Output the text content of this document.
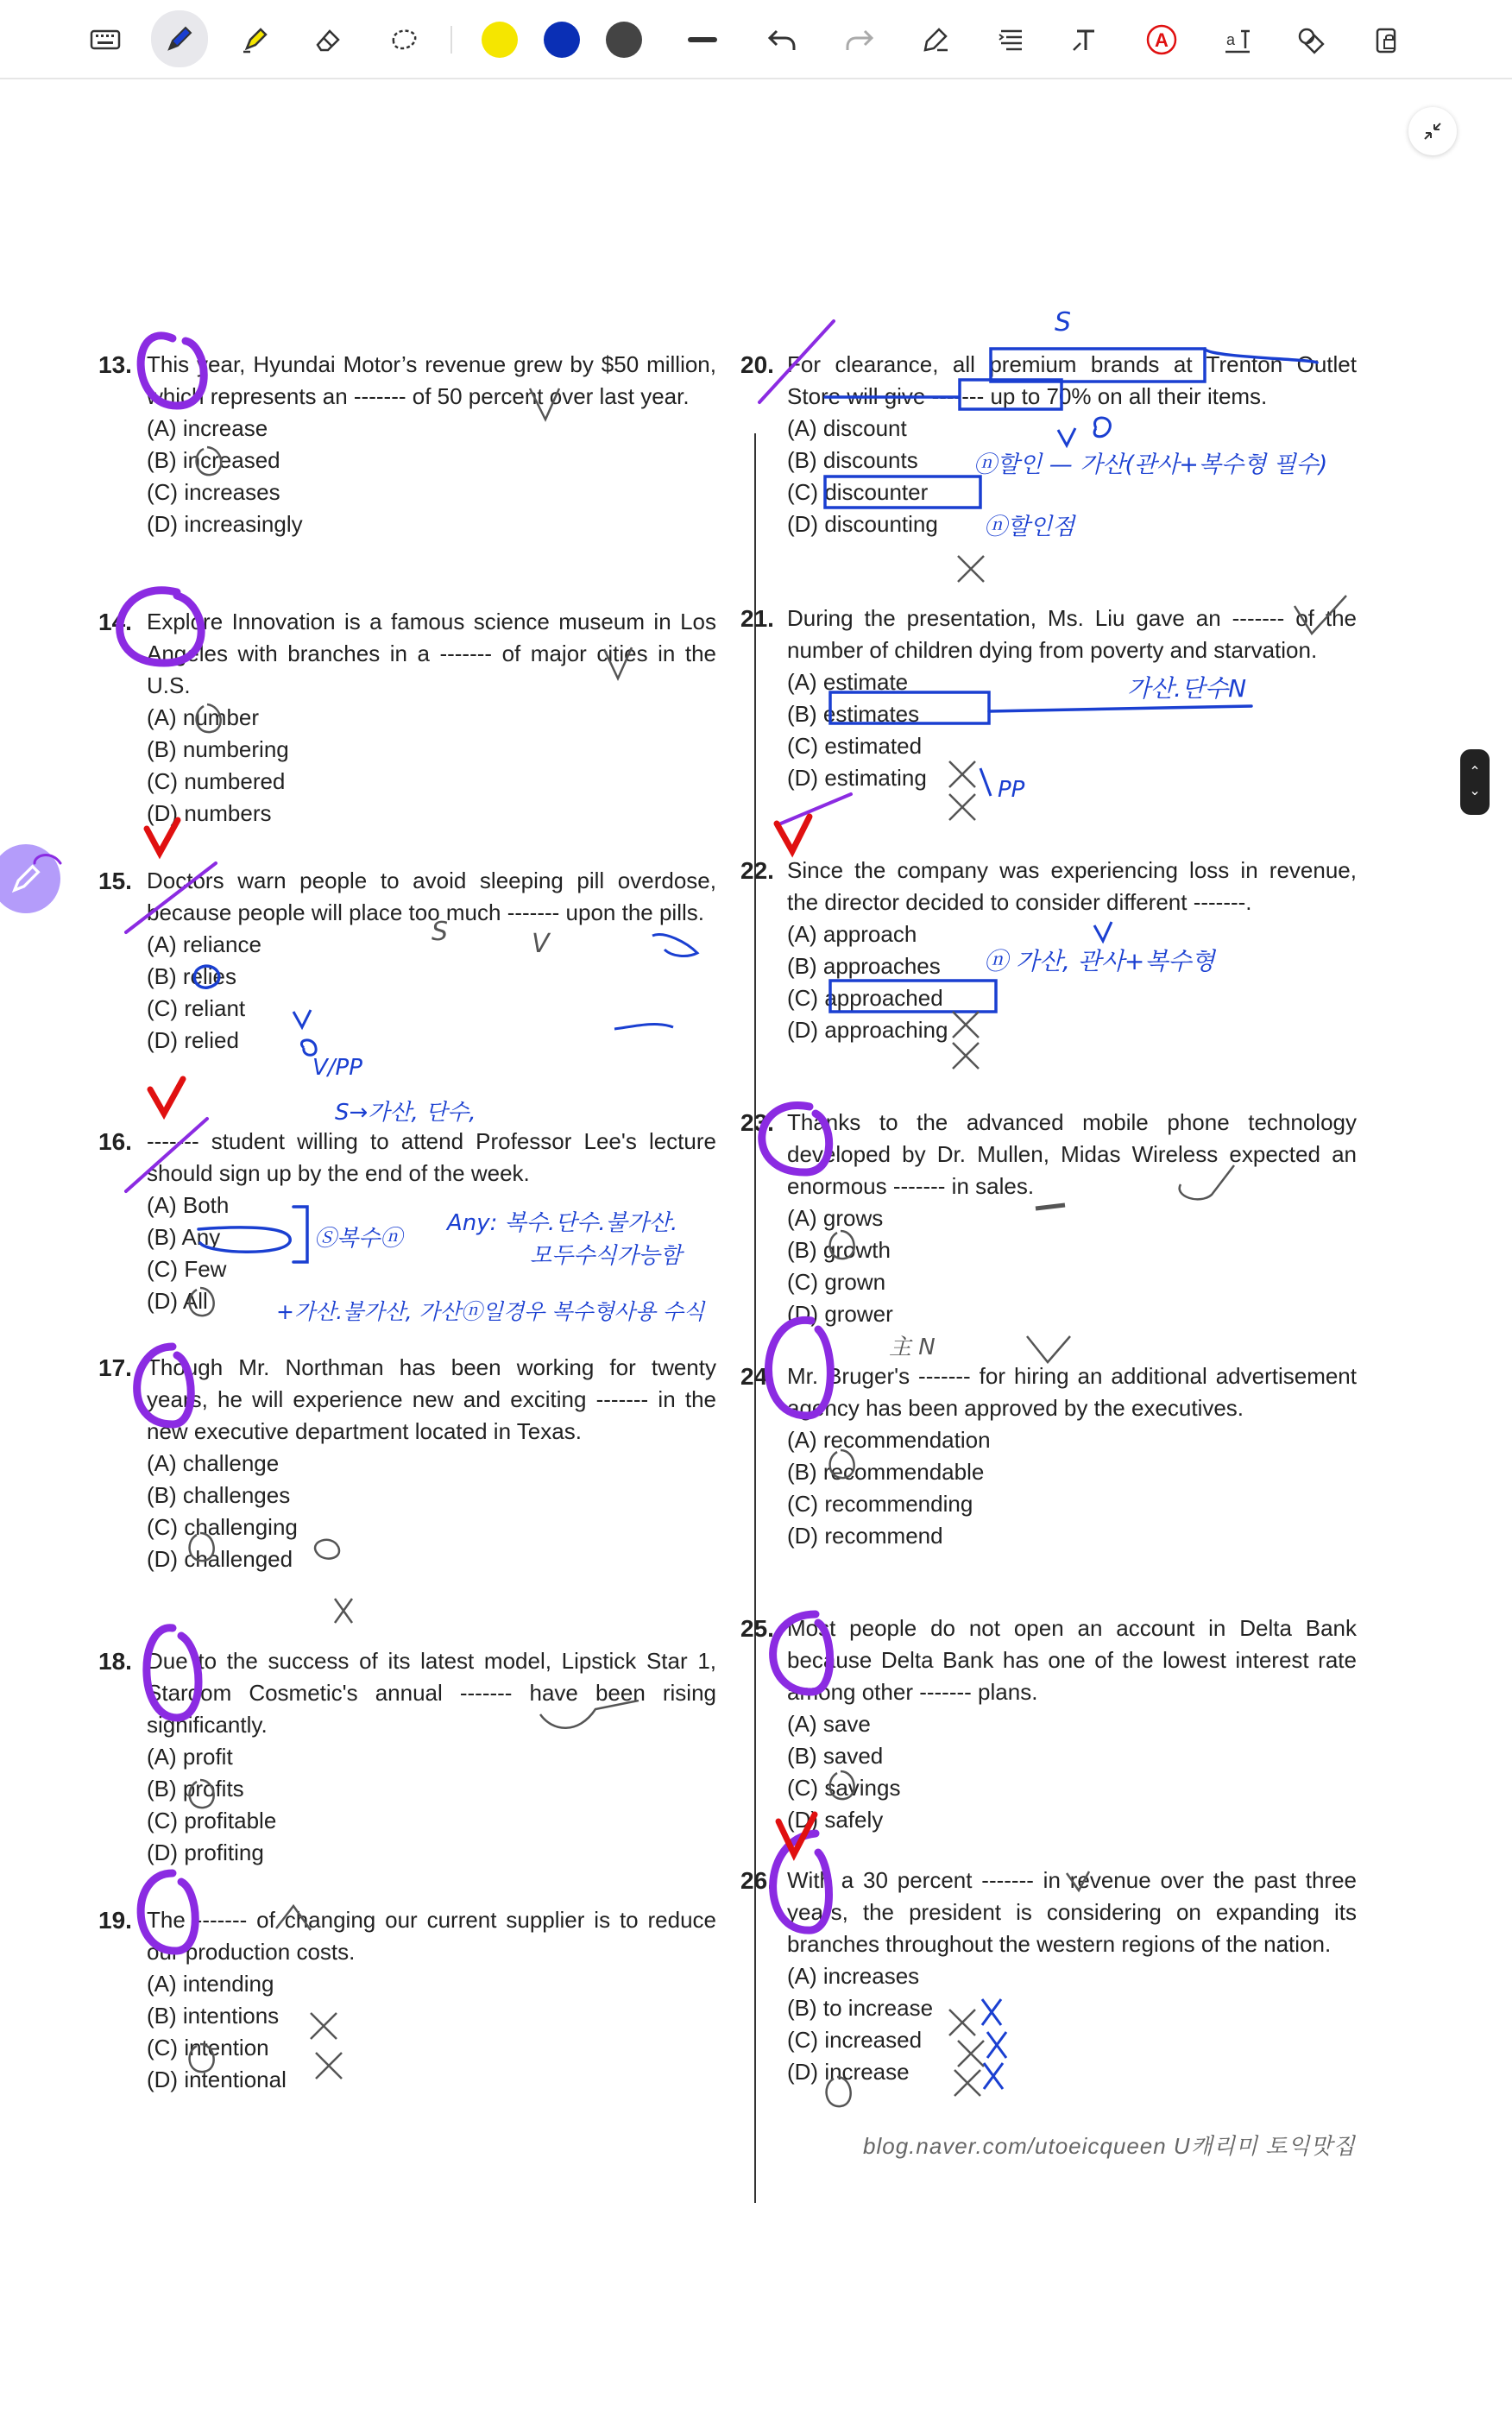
A	a
⌃
⌄
13. This year, Hyundai Motor’s revenue grew by $50 million, which represents an ------- of 50 percent over last year.
(A) increase
(B) increased
(C) increases
(D) increasingly
14. Explore Innovation is a famous science museum in Los Angeles with branches in a ------- of major cities in the U.S.
(A) number
(B) numbering
(C) numbered
(D) numbers
15. Doctors warn people to avoid sleeping pill overdose, because people will place too much ------- upon the pills.
(A) reliance
(B) relies
(C) reliant
(D) relied
16. ------- student willing to attend Professor Lee's lecture should sign up by the end of the week.
(A) Both
(B) Any
(C) Few
(D) All
17. Though Mr. Northman has been working for twenty years, he will experience new and exciting ------- in the new executive department located in Texas.
(A) challenge
(B) challenges
(C) challenging
(D) challenged
18. Due to the success of its latest model, Lipstick Star 1, Stardom Cosmetic's annual ------- have been rising significantly.
(A) profit
(B) profits
(C) profitable
(D) profiting
19. The ------- of changing our current supplier is to reduce our production costs.
(A) intending
(B) intentions
(C) intention
(D) intentional
20. For clearance, all premium brands at Trenton Outlet Store will give ------- up to 70% on all their items.
(A) discount
(B) discounts
(C) discounter
(D) discounting
21. During the presentation, Ms. Liu gave an ------- of the number of children dying from poverty and starvation.
(A) estimate
(B) estimates
(C) estimated
(D) estimating
22. Since the company was experiencing loss in revenue, the director decided to consider different -------.
(A) approach
(B) approaches
(C) approached
(D) approaching
23. Thanks to the advanced mobile phone technology developed by Dr. Mullen, Midas Wireless expected an enormous ------- in sales.
(A) grows
(B) growth
(C) grown
(D) grower
24. Mr. Bruger's ------- for hiring an additional advertisement agency has been approved by the executives.
(A) recommendation
(B) recommendable
(C) recommending
(D) recommend
25. Most people do not open an account in Delta Bank because Delta Bank has one of the lowest interest rate among other ------- plans.
(A) save
(B) saved
(C) savings
(D) safely
26. With a 30 percent ------- in revenue over the past three years, the president is considering on expanding its branches throughout the western regions of the nation.
(A) increases
(B) to increase
(C) increased
(D) increase
blog.naver.com/utoeicqueen U캐리미 토익맛집
S
ⓝ할인 — 가산(관사+복수형 필수)
ⓝ할인점
가산.단수N
PP
ⓝ 가산, 관사+복수형
S	V
V/PP
S→가산, 단수,
Ⓢ복수ⓝ
Any: 복수.단수.불가산.
모두수식가능함
+가산.불가산, 가산ⓝ일경우 복수형사용 수식
主 N
